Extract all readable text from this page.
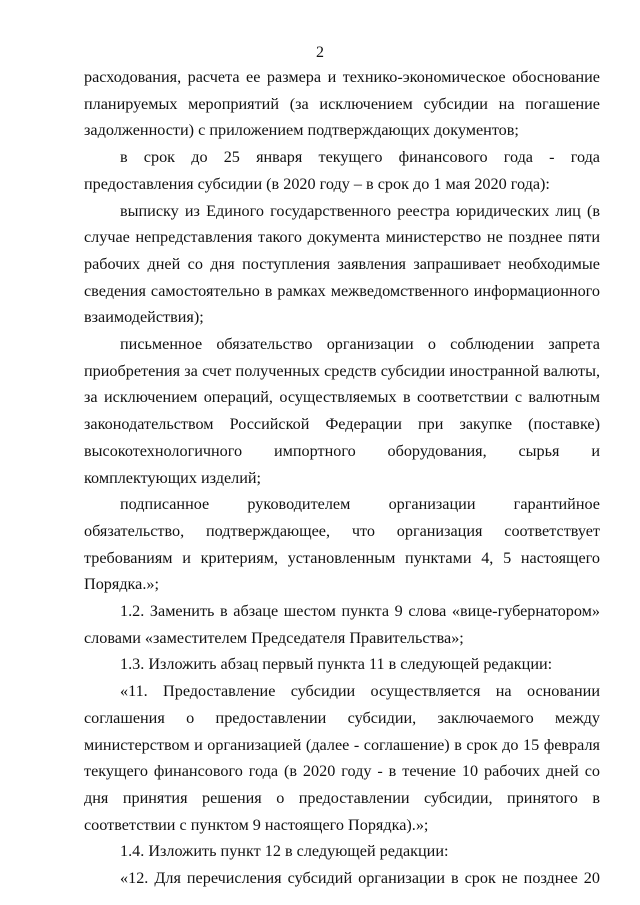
2

расходования, расчета ее размера и технико-экономическое обоснование планируемых мероприятий (за исключением субсидии на погашение задолженности) с приложением подтверждающих документов;

в срок до 25 января текущего финансового года - года предоставления субсидии (в 2020 году – в срок до 1 мая 2020 года):

выписку из Единого государственного реестра юридических лиц (в случае непредставления такого документа министерство не позднее пяти рабочих дней со дня поступления заявления запрашивает необходимые сведения самостоятельно в рамках межведомственного информационного взаимодействия);

письменное обязательство организации о соблюдении запрета приобретения за счет полученных средств субсидии иностранной валюты, за исключением операций, осуществляемых в соответствии с валютным законодательством Российской Федерации при закупке (поставке) высокотехнологичного импортного оборудования, сырья и комплектующих изделий;

подписанное руководителем организации гарантийное обязательство, подтверждающее, что организация соответствует требованиям и критериям, установленным пунктами 4, 5 настоящего Порядка.»;

1.2. Заменить в абзаце шестом пункта 9 слова «вице-губернатором» словами «заместителем Председателя Правительства»;

1.3. Изложить абзац первый пункта 11 в следующей редакции:

«11. Предоставление субсидии осуществляется на основании соглашения о предоставлении субсидии, заключаемого между министерством и организацией (далее - соглашение) в срок до 15 февраля текущего финансового года (в 2020 году - в течение 10 рабочих дней со дня принятия решения о предоставлении субсидии, принятого в соответствии с пунктом 9 настоящего Порядка).»;

1.4. Изложить пункт 12 в следующей редакции:

«12. Для перечисления субсидий организации в срок не позднее 20
